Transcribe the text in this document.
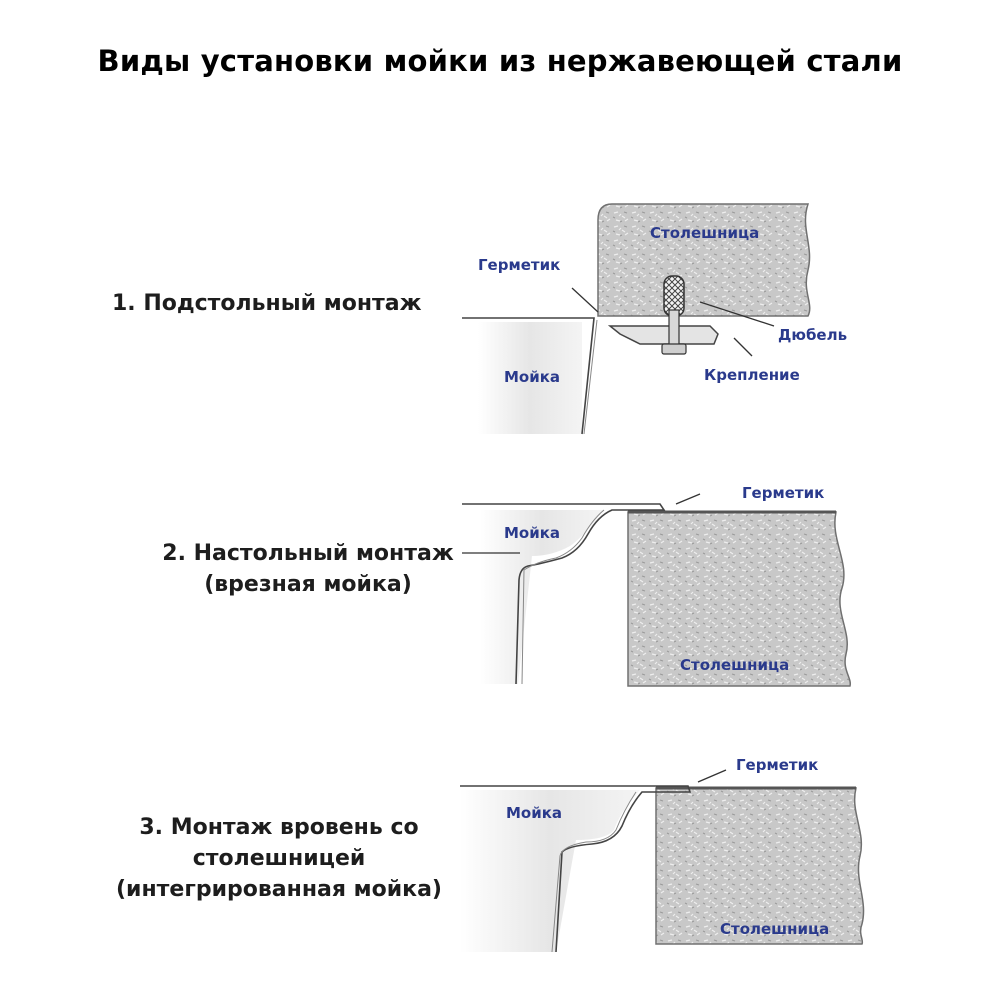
Виды установки мойки из нержавеющей стали
1. Подстольный монтаж
2. Настольный монтаж
(врезная мойка)
3. Монтаж вровень со
столешницей
(интегрированная мойка)
Столешница
Герметик
Мойка
Дюбель
Крепление
Герметик
Мойка
Столешница
Герметик
Мойка
Столешница
